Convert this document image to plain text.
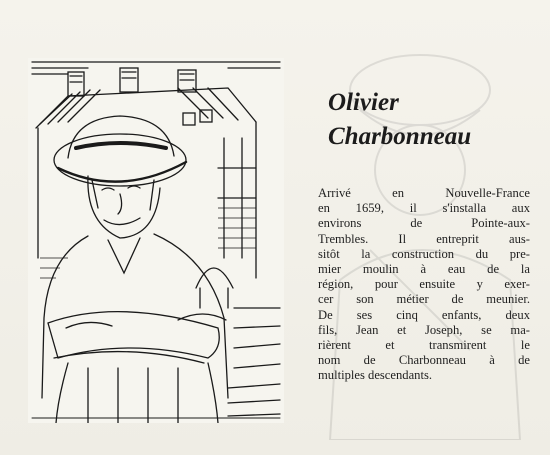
Olivier
Charbonneau

Arrivé en Nouvelle-France
en 1659, il s'installa aux
environs de Pointe-aux-
Trembles. Il entreprit aus-
sitôt la construction du pre-
mier moulin à eau de la
région, pour ensuite y exer-
cer son métier de meunier.
De ses cinq enfants, deux
fils, Jean et Joseph, se ma-
rièrent et transmirent le
nom de Charbonneau à de
multiples descendants.
